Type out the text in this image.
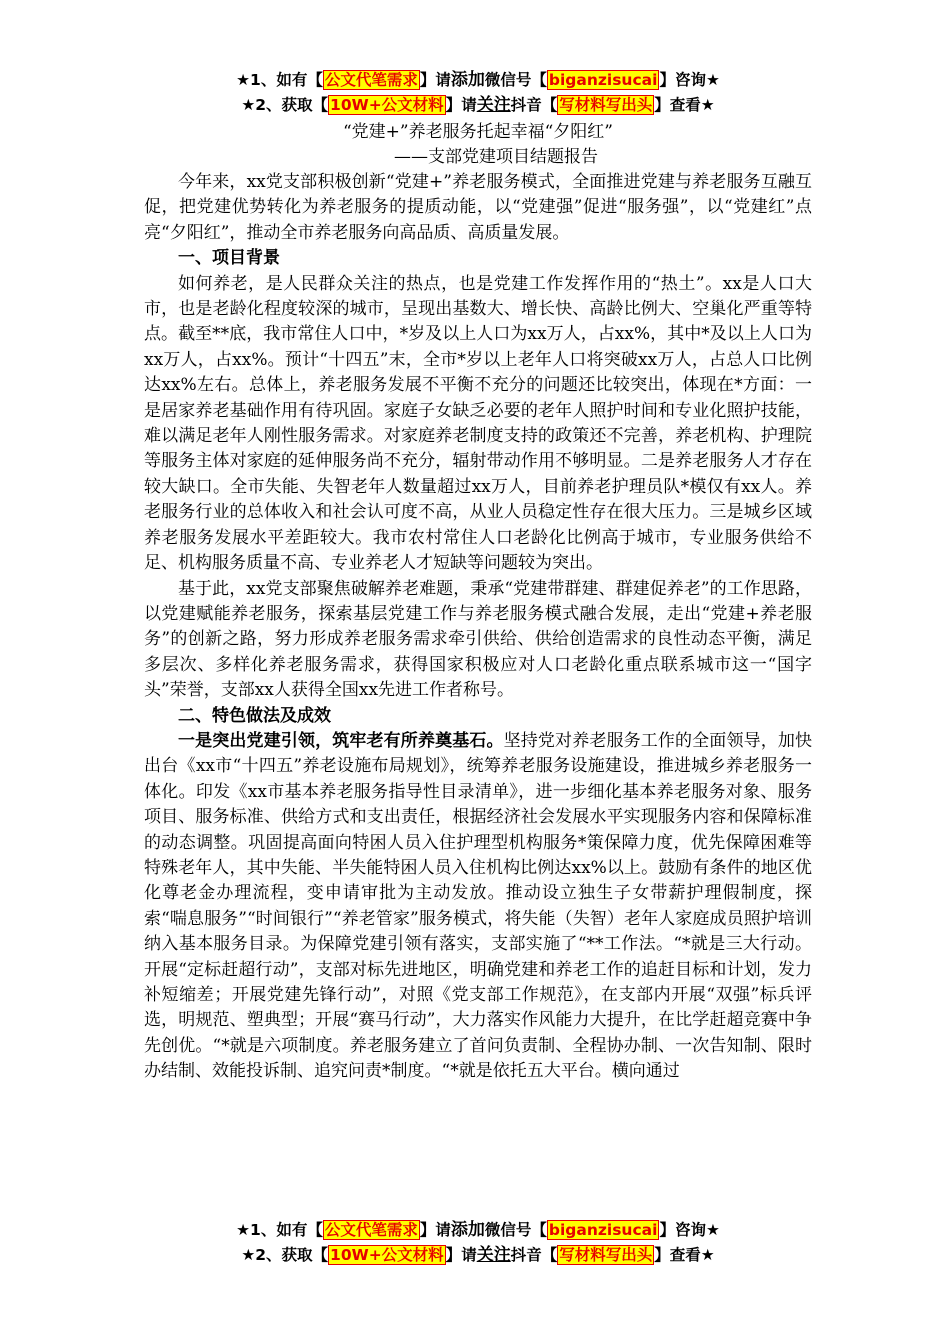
★1、如有【 公文代笔需求 】请添加微信号【 biganzisucai 】咨询★
★2、获取【 10W+公文材料 】请关注抖音【 写材料写出头 】查看★
“党建+”养老服务托起幸福“夕阳红”
——支部党建项目结题报告

今年来，xx党支部积极创新“党建+”养老服务模式，全面推进党建与养老服务互融互促，把党建优势转化为养老服务的提质动能，以“党建强”促进“服务强”，以“党建红”点亮“夕阳红”，推动全市养老服务向高品质、高质量发展。

一、项目背景

如何养老，是人民群众关注的热点，也是党建工作发挥作用的“热土”。xx是人口大市，也是老龄化程度较深的城市，呈现出基数大、增长快、高龄比例大、空巢化严重等特点。截至**底，我市常住人口中，*岁及以上人口为xx万人，占xx%，其中*及以上人口为xx万人，占xx%。预计“十四五”末，全市*岁以上老年人口将突破xx万人，占总人口比例达xx%左右。总体上，养老服务发展不平衡不充分的问题还比较突出，体现在*方面：一是居家养老基础作用有待巩固。家庭子女缺乏必要的老年人照护时间和专业化照护技能，难以满足老年人刚性服务需求。对家庭养老制度支持的政策还不完善，养老机构、护理院等服务主体对家庭的延伸服务尚不充分，辐射带动作用不够明显。二是养老服务人才存在较大缺口。全市失能、失智老年人数量超过xx万人，目前养老护理员队*模仅有xx人。养老服务行业的总体收入和社会认可度不高，从业人员稳定性存在很大压力。三是城乡区域养老服务发展水平差距较大。我市农村常住人口老龄化比例高于城市，专业服务供给不足、机构服务质量不高、专业养老人才短缺等问题较为突出。

基于此，xx党支部聚焦破解养老难题，秉承“党建带群建、群建促养老”的工作思路，以党建赋能养老服务，探索基层党建工作与养老服务模式融合发展，走出“党建+养老服务”的创新之路，努力形成养老服务需求牵引供给、供给创造需求的良性动态平衡，满足多层次、多样化养老服务需求，获得国家积极应对人口老龄化重点联系城市这一“国字头”荣誉，支部xx人获得全国xx先进工作者称号。

二、特色做法及成效

一是突出党建引领，筑牢老有所养奠基石。坚持党对养老服务工作的全面领导，加快出台《xx市“十四五”养老设施布局规划》，统筹养老服务设施建设，推进城乡养老服务一体化。印发《xx市基本养老服务指导性目录清单》，进一步细化基本养老服务对象、服务项目、服务标准、供给方式和支出责任，根据经济社会发展水平实现服务内容和保障标准的动态调整。巩固提高面向特困人员入住护理型机构服务*策保障力度，优先保障困难等特殊老年人，其中失能、半失能特困人员入住机构比例达xx%以上。鼓励有条件的地区优化尊老金办理流程，变申请审批为主动发放。推动设立独生子女带薪护理假制度，探索“喘息服务”“时间银行”“养老管家”服务模式，将失能（失智）老年人家庭成员照护培训纳入基本服务目录。为保障党建引领有落实，支部实施了“**工作法。“*就是三大行动。开展“定标赶超行动”，支部对标先进地区，明确党建和养老工作的追赶目标和计划，发力补短缩差；开展党建先锋行动”，对照《党支部工作规范》，在支部内开展“双强”标兵评选，明规范、塑典型；开展“赛马行动”，大力落实作风能力大提升，在比学赶超竞赛中争先创优。“*就是六项制度。养老服务建立了首问负责制、全程协办制、一次告知制、限时办结制、效能投诉制、追究问责*制度。“*就是依托五大平台。横向通过

★1、如有【 公文代笔需求 】请添加微信号【 biganzisucai 】咨询★
★2、获取【 10W+公文材料 】请关注抖音【 写材料写出头 】查看★
